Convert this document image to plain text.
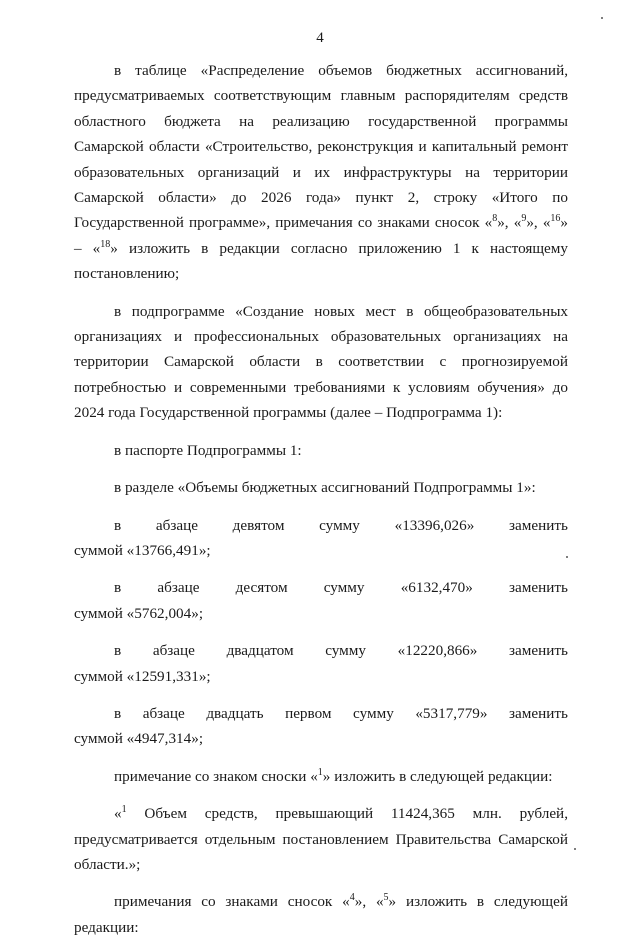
4

в таблице «Распределение объемов бюджетных ассигнований, предусматриваемых соответствующим главным распорядителям средств областного бюджета на реализацию государственной программы Самарской области «Строительство, реконструкция и капитальный ремонт образовательных организаций и их инфраструктуры на территории Самарской области» до 2026 года» пункт 2, строку «Итого по Государственной программе», примечания со знаками сносок «$^8$», «$^9$», «$^{16}$» – «$^{18}$» изложить в редакции согласно приложению 1 к настоящему постановлению;

в подпрограмме «Создание новых мест в общеобразовательных организациях и профессиональных образовательных организациях на территории Самарской области в соответствии с прогнозируемой потребностью и современными требованиями к условиям обучения» до 2024 года Государственной программы (далее – Подпрограмма 1):

в паспорте Подпрограммы 1:

в разделе «Объемы бюджетных ассигнований Подпрограммы 1»:

в абзаце девятом сумму «13396,026» заменить

суммой «13766,491»;

в абзаце десятом сумму «6132,470» заменить

суммой «5762,004»;

в абзаце двадцатом сумму «12220,866» заменить

суммой «12591,331»;

в абзаце двадцать первом сумму «5317,779» заменить

суммой «4947,314»;

примечание со знаком сноски «$^1$» изложить в следующей редакции:

«$^1$ Объем средств, превышающий 11424,365 млн. рублей, предусматривается отдельным постановлением Правительства Самарской области.»;

примечания со знаками сносок «$^4$», «$^5$» изложить в следующей редакции:
